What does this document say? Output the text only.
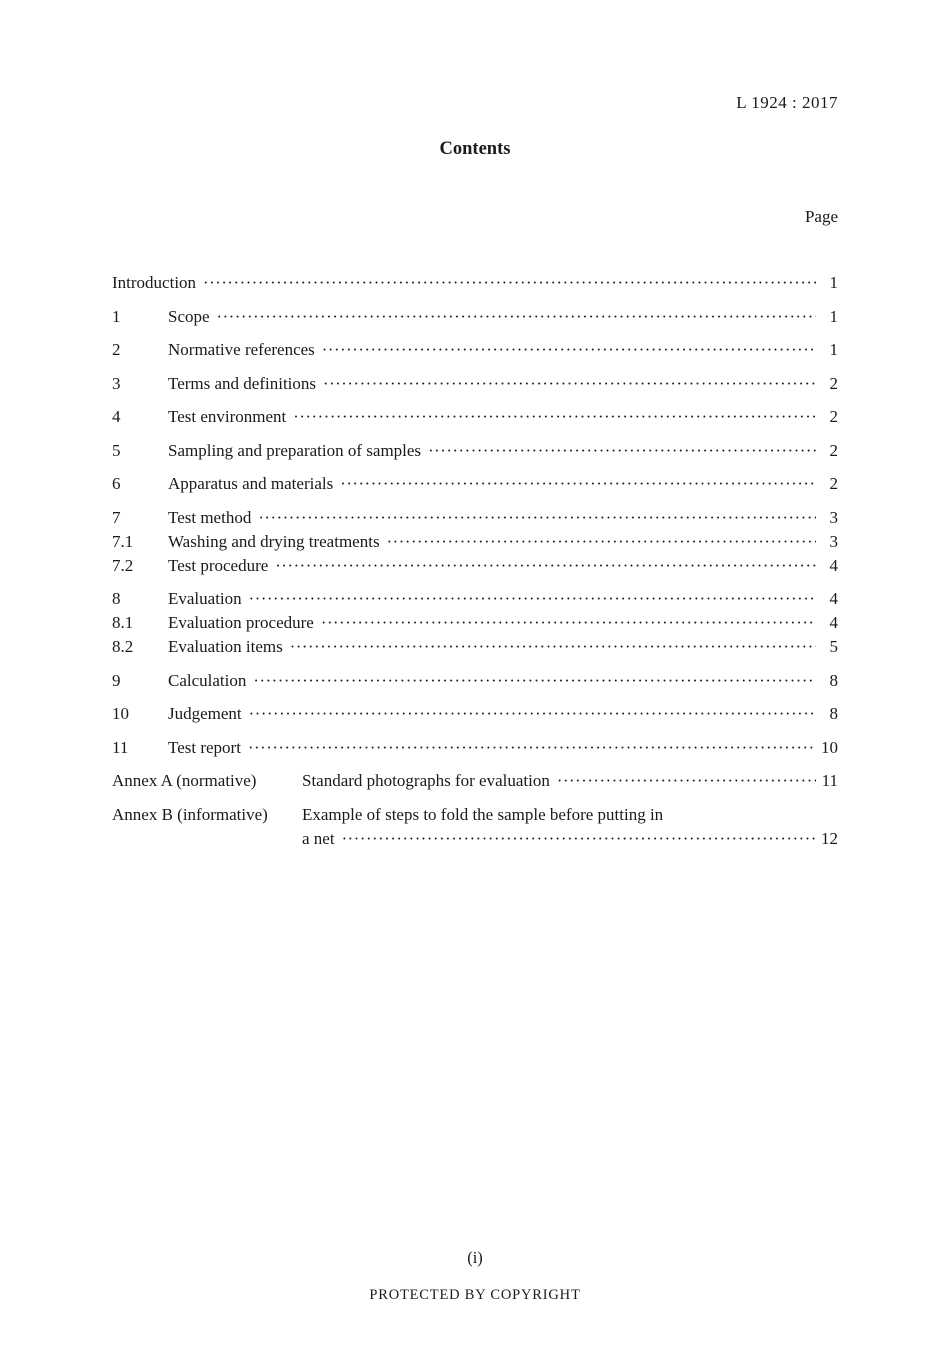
L 1924 : 2017
Contents
Page
Introduction ·····	1
1	Scope ·····	1
2	Normative references ·····	1
3	Terms and definitions ·····	2
4	Test environment ·····	2
5	Sampling and preparation of samples ·····	2
6	Apparatus and materials ·····	2
7	Test method ·····	3
7.1	Washing and drying treatments ·····	3
7.2	Test procedure ·····	4
8	Evaluation ·····	4
8.1	Evaluation procedure ·····	4
8.2	Evaluation items ·····	5
9	Calculation ·····	8
10	Judgement ·····	8
11	Test report ·····	10
Annex A (normative)	Standard photographs for evaluation ·····	11
Annex B (informative)	Example of steps to fold the sample before putting in
a net ·····	12
(i)
PROTECTED BY COPYRIGHT
